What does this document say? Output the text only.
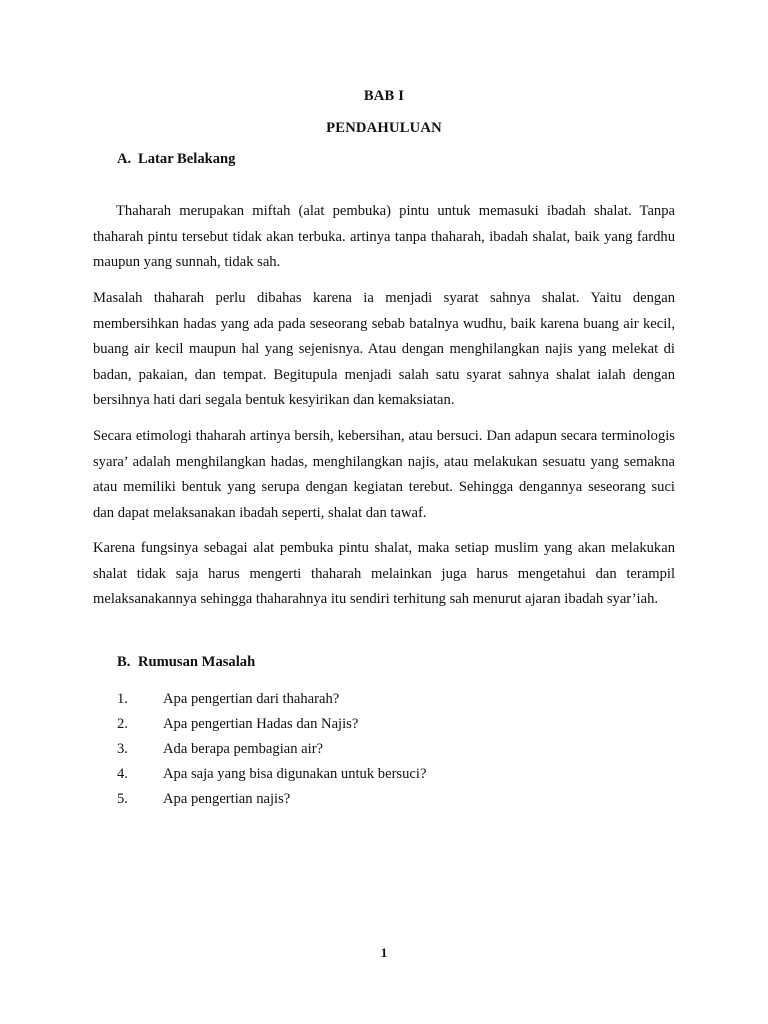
BAB I
PENDAHULUAN
A. Latar Belakang

Thaharah merupakan miftah (alat pembuka) pintu untuk memasuki ibadah shalat. Tanpa thaharah pintu tersebut tidak akan terbuka. artinya tanpa thaharah, ibadah shalat, baik yang fardhu maupun yang sunnah, tidak sah.

Masalah thaharah perlu dibahas karena ia menjadi syarat sahnya shalat. Yaitu dengan membersihkan hadas yang ada pada seseorang sebab batalnya wudhu, baik karena buang air kecil, buang air kecil maupun hal yang sejenisnya. Atau dengan menghilangkan najis yang melekat di badan, pakaian, dan tempat. Begitupula menjadi salah satu syarat sahnya shalat ialah dengan bersihnya hati dari segala bentuk kesyirikan dan kemaksiatan.

Secara etimologi thaharah artinya bersih, kebersihan, atau bersuci. Dan adapun secara terminologis syara’ adalah menghilangkan hadas, menghilangkan najis, atau melakukan sesuatu yang semakna atau memiliki bentuk yang serupa dengan kegiatan terebut. Sehingga dengannya seseorang suci dan dapat melaksanakan ibadah seperti, shalat dan tawaf.

Karena fungsinya sebagai alat pembuka pintu shalat, maka setiap muslim yang akan melakukan shalat tidak saja harus mengerti thaharah melainkan juga harus mengetahui dan terampil melaksanakannya sehingga thaharahnya itu sendiri terhitung sah menurut ajaran ibadah syar’iah.

B. Rumusan Masalah
1. Apa pengertian dari thaharah?
2. Apa pengertian Hadas dan Najis?
3. Ada berapa pembagian air?
4. Apa saja yang bisa digunakan untuk bersuci?
5. Apa pengertian najis?
1
